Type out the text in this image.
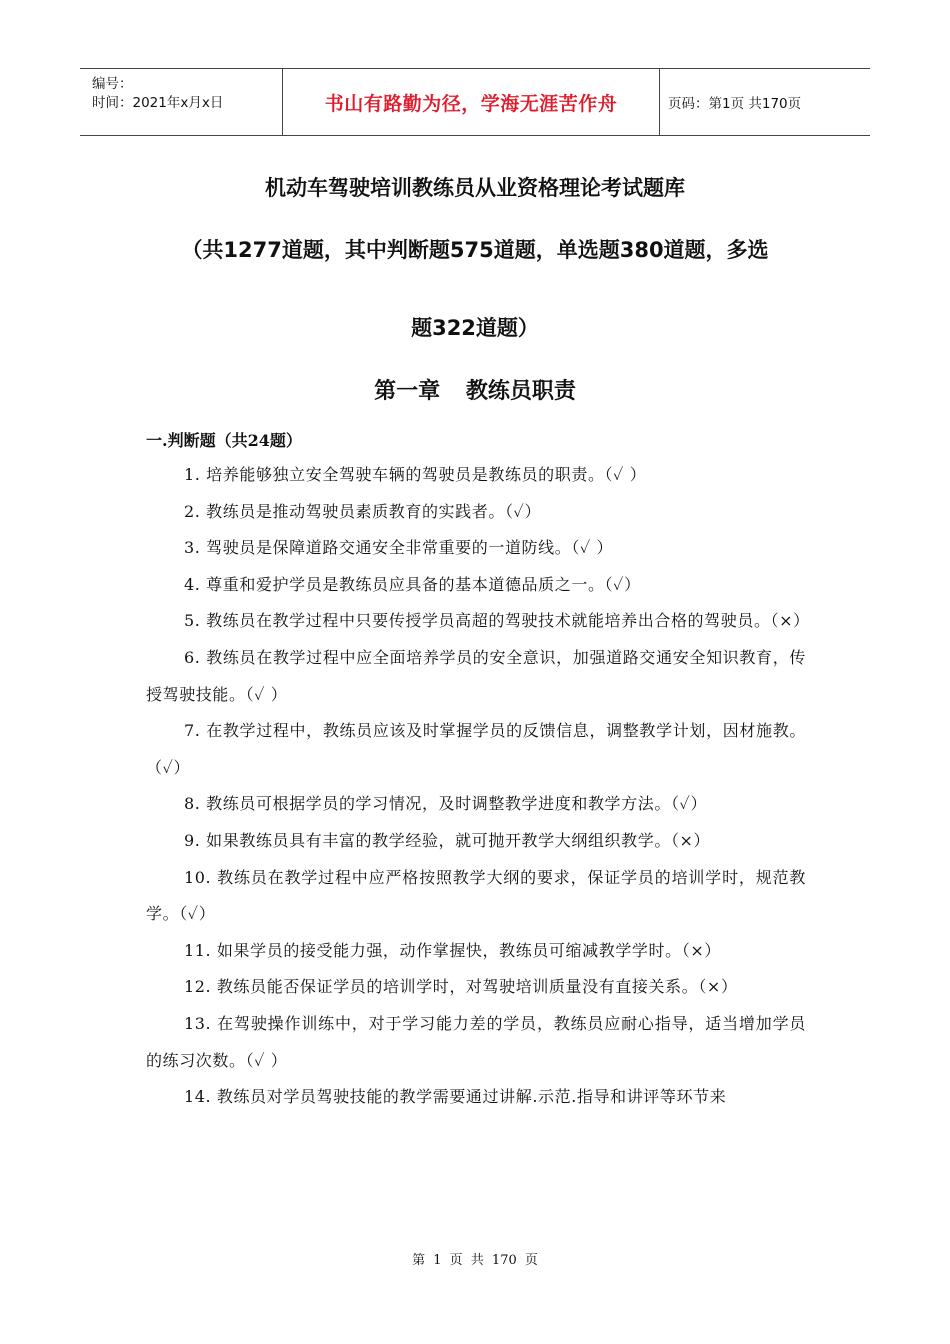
编号：
时间：2021年x月x日	书山有路勤为径，学海无涯苦作舟	页码：第1页 共170页
机动车驾驶培训教练员从业资格理论考试题库
（共1277道题，其中判断题575道题，单选题380道题，多选
题322道题）
第一章 教练员职责
一.判断题（共24题）

1. 培养能够独立安全驾驶车辆的驾驶员是教练员的职责。（✓ ）

2. 教练员是推动驾驶员素质教育的实践者。（✓）

3. 驾驶员是保障道路交通安全非常重要的一道防线。（✓ ）

4. 尊重和爱护学员是教练员应具备的基本道德品质之一。（✓）

5. 教练员在教学过程中只要传授学员高超的驾驶技术就能培养出合格的驾驶员。（×）

6. 教练员在教学过程中应全面培养学员的安全意识，加强道路交通安全知识教育，传授驾驶技能。（✓ ）

7. 在教学过程中，教练员应该及时掌握学员的反馈信息，调整教学计划，因材施教。（✓）

8. 教练员可根据学员的学习情况，及时调整教学进度和教学方法。（✓）

9. 如果教练员具有丰富的教学经验，就可抛开教学大纲组织教学。（×）

10. 教练员在教学过程中应严格按照教学大纲的要求，保证学员的培训学时，规范教学。（✓）

11. 如果学员的接受能力强，动作掌握快，教练员可缩减教学学时。（×）

12. 教练员能否保证学员的培训学时，对驾驶培训质量没有直接关系。（×）

13. 在驾驶操作训练中，对于学习能力差的学员，教练员应耐心指导，适当增加学员的练习次数。（✓ ）

14. 教练员对学员驾驶技能的教学需要通过讲解.示范.指导和讲评等环节来

第 1 页 共 170 页
